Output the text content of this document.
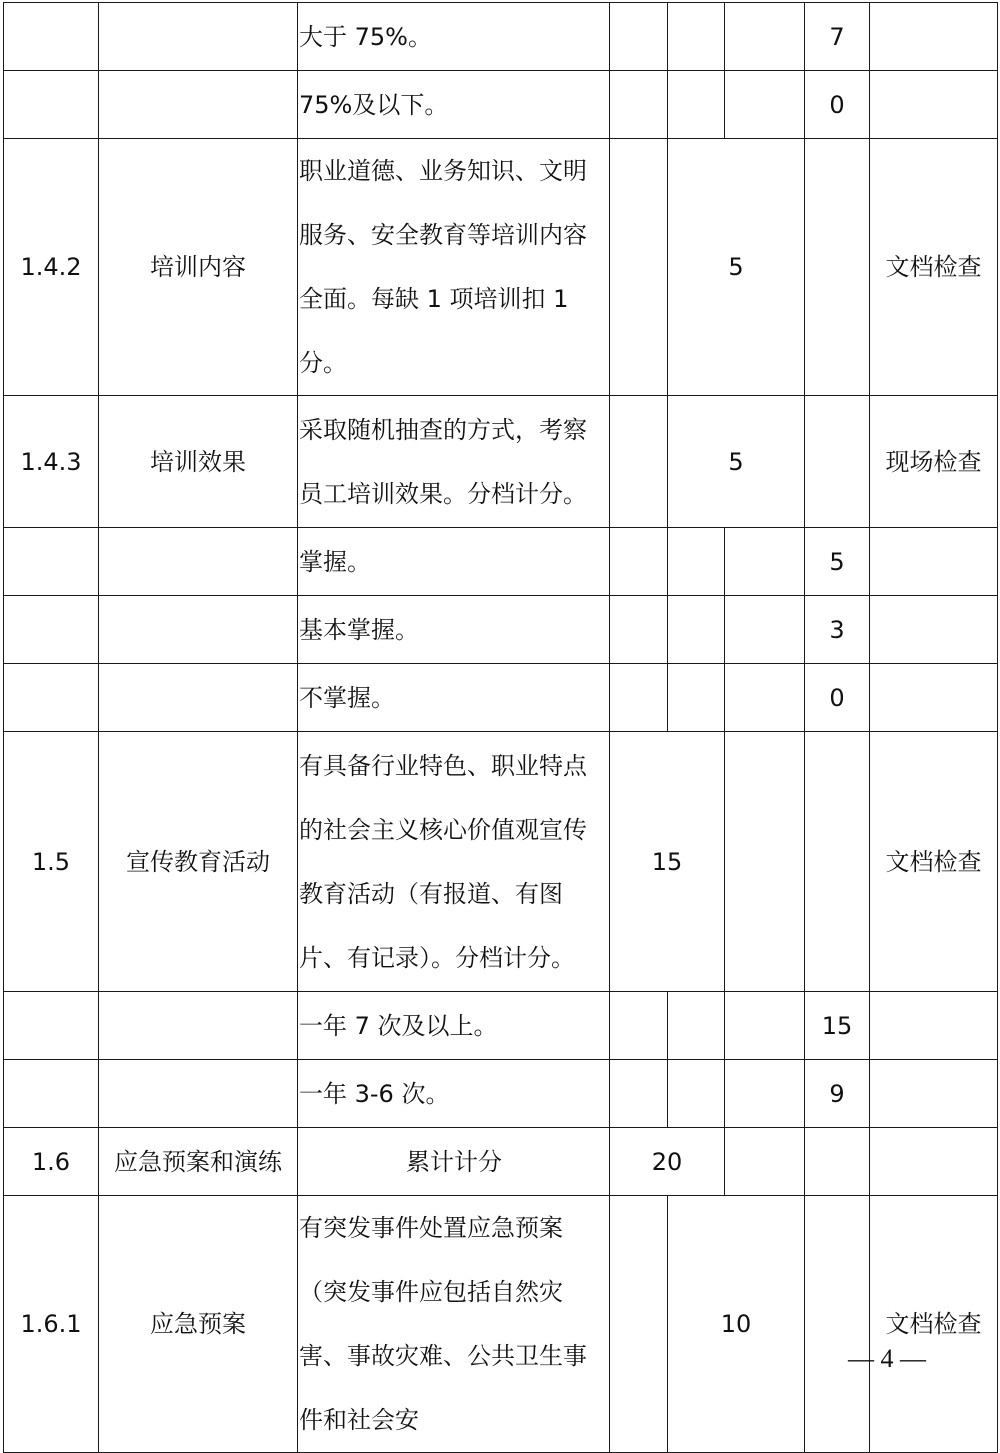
		大于 75%。				7	
		75%及以下。				0	
1.4.2	培训内容	职业道德、业务知识、文明服务、安全教育等培训内容全面。每缺 1 项培训扣 1 分。		5			文档检查
1.4.3	培训效果	采取随机抽查的方式，考察员工培训效果。分档计分。		5			现场检查
		掌握。				5	
		基本掌握。				3	
		不掌握。				0	
1.5	宣传教育活动	有具备行业特色、职业特点的社会主义核心价值观宣传教育活动（有报道、有图片、有记录）。分档计分。	15				文档检查
		一年 7 次及以上。				15	
		一年 3-6 次。				9	
1.6	应急预案和演练	累计计分	20				
1.6.1	应急预案	有突发事件处置应急预案（突发事件应包括自然灾害、事故灾难、公共卫生事件和社会安		10			文档检查
— 4 —
